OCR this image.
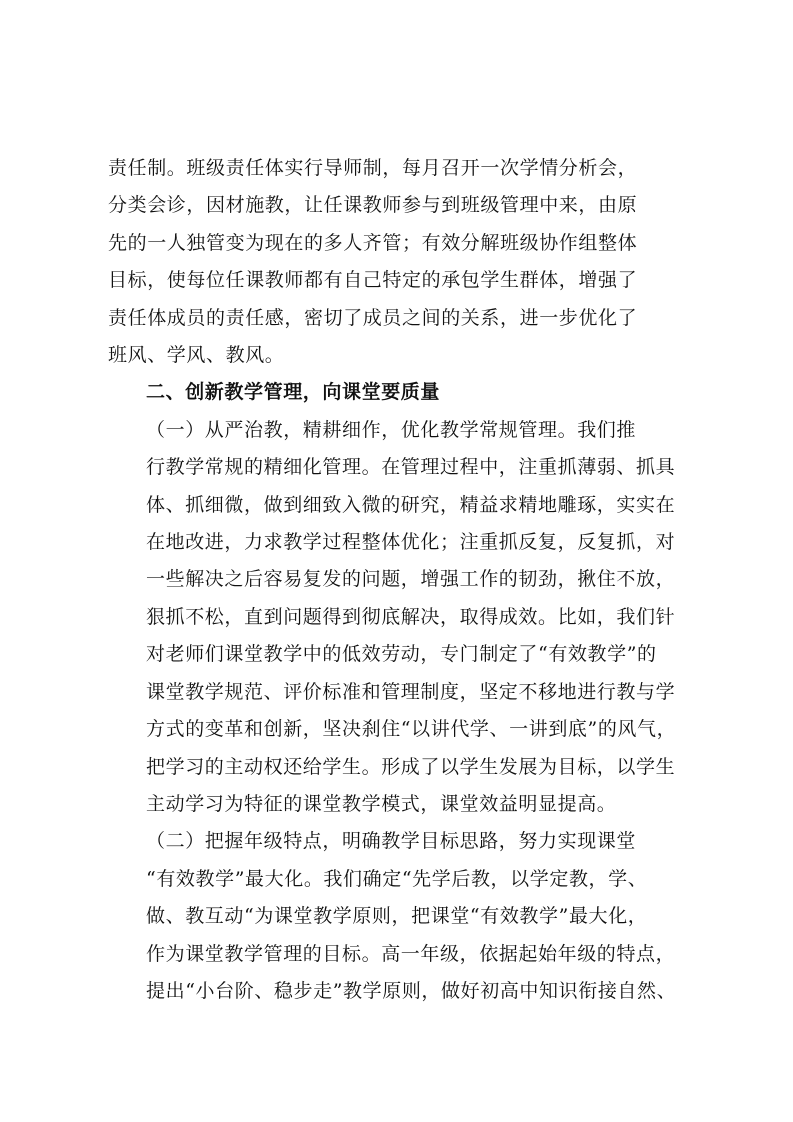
责任制。班级责任体实行导师制，每月召开一次学情分析会，
分类会诊，因材施教，让任课教师参与到班级管理中来，由原
先的一人独管变为现在的多人齐管；有效分解班级协作组整体
目标，使每位任课教师都有自己特定的承包学生群体，增强了
责任体成员的责任感，密切了成员之间的关系，进一步优化了
班风、学风、教风。
二、创新教学管理，向课堂要质量
（一）从严治教，精耕细作，优化教学常规管理。我们推
行教学常规的精细化管理。在管理过程中，注重抓薄弱、抓具
体、抓细微，做到细致入微的研究，精益求精地雕琢，实实在
在地改进，力求教学过程整体优化；注重抓反复，反复抓，对
一些解决之后容易复发的问题，增强工作的韧劲，揪住不放，
狠抓不松，直到问题得到彻底解决，取得成效。比如，我们针
对老师们课堂教学中的低效劳动，专门制定了“有效教学”的
课堂教学规范、评价标准和管理制度，坚定不移地进行教与学
方式的变革和创新，坚决刹住“以讲代学、一讲到底”的风气，
把学习的主动权还给学生。形成了以学生发展为目标，以学生
主动学习为特征的课堂教学模式，课堂效益明显提高。
（二）把握年级特点，明确教学目标思路，努力实现课堂
“有效教学”最大化。我们确定“先学后教，以学定教，学、
做、教互动“为课堂教学原则，把课堂“有效教学”最大化，
作为课堂教学管理的目标。高一年级，依据起始年级的特点，
提出“小台阶、稳步走”教学原则，做好初高中知识衔接自然、
